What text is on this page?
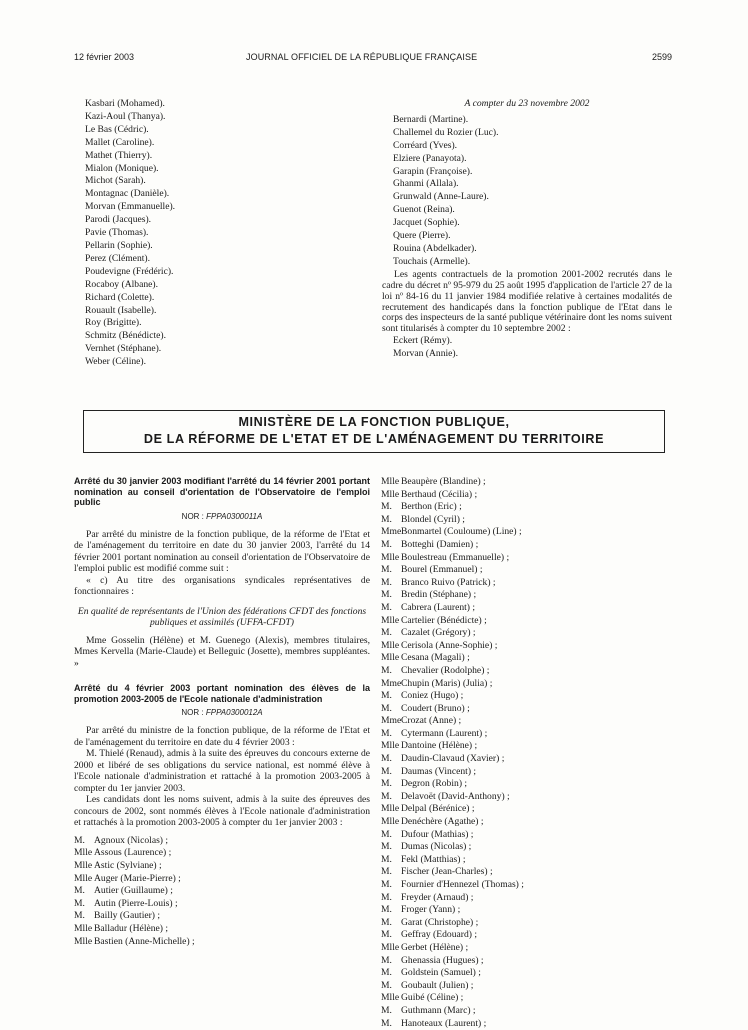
12 février 2003	JOURNAL OFFICIEL DE LA RÉPUBLIQUE FRANÇAISE	2599
Kasbari (Mohamed).
Kazi-Aoul (Thanya).
Le Bas (Cédric).
Mallet (Caroline).
Mathet (Thierry).
Mialon (Monique).
Michot (Sarah).
Montagnac (Danièle).
Morvan (Emmanuelle).
Parodi (Jacques).
Pavie (Thomas).
Pellarin (Sophie).
Perez (Clément).
Poudevigne (Frédéric).
Rocaboy (Albane).
Richard (Colette).
Rouault (Isabelle).
Roy (Brigitte).
Schmitz (Bénédicte).
Vernhet (Stéphane).
Weber (Céline).
A compter du 23 novembre 2002
Bernardi (Martine).
Challemel du Rozier (Luc).
Corréard (Yves).
Elziere (Panayota).
Garapin (Françoise).
Ghanmi (Allala).
Grunwald (Anne-Laure).
Guenot (Reina).
Jacquet (Sophie).
Quere (Pierre).
Rouina (Abdelkader).
Touchais (Armelle).

Les agents contractuels de la promotion 2001-2002 recrutés dans le cadre du décret nº 95-979 du 25 août 1995 d'application de l'article 27 de la loi nº 84-16 du 11 janvier 1984 modifiée relative à certaines modalités de recrutement des handicapés dans la fonction publique de l'Etat dans le corps des inspecteurs de la santé publique vétérinaire dont les noms suivent sont titularisés à compter du 10 septembre 2002 :

Eckert (Rémy).
Morvan (Annie).
MINISTÈRE DE LA FONCTION PUBLIQUE,
DE LA RÉFORME DE L'ETAT ET DE L'AMÉNAGEMENT DU TERRITOIRE

Arrêté du 30 janvier 2003 modifiant l'arrêté du 14 février 2001 portant nomination au conseil d'orientation de l'Observatoire de l'emploi public

NOR : FPPA0300011A

Par arrêté du ministre de la fonction publique, de la réforme de l'Etat et de l'aménagement du territoire en date du 30 janvier 2003, l'arrêté du 14 février 2001 portant nomination au conseil d'orientation de l'Observatoire de l'emploi public est modifié comme suit :

« c) Au titre des organisations syndicales représentatives de fonctionnaires :

En qualité de représentants de l'Union des fédérations CFDT des fonctions publiques et assimilés (UFFA-CFDT)

Mme Gosselin (Hélène) et M. Guenego (Alexis), membres titulaires, Mmes Kervella (Marie-Claude) et Belleguic (Josette), membres suppléantes. »

Arrêté du 4 février 2003 portant nomination des élèves de la promotion 2003-2005 de l'Ecole nationale d'administration

NOR : FPPA0300012A

Par arrêté du ministre de la fonction publique, de la réforme de l'Etat et de l'aménagement du territoire en date du 4 février 2003 :

M. Thielé (Renaud), admis à la suite des épreuves du concours externe de 2000 et libéré de ses obligations du service national, est nommé élève à l'Ecole nationale d'administration et rattaché à la promotion 2003-2005 à compter du 1er janvier 2003.

Les candidats dont les noms suivent, admis à la suite des épreuves des concours de 2002, sont nommés élèves à l'Ecole nationale d'administration et rattachés à la promotion 2003-2005 à compter du 1er janvier 2003 :

M. Agnoux (Nicolas) ;
Mlle Assous (Laurence) ;
Mlle Astic (Sylviane) ;
Mlle Auger (Marie-Pierre) ;
M. Autier (Guillaume) ;
M. Autin (Pierre-Louis) ;
M. Bailly (Gautier) ;
Mlle Balladur (Hélène) ;
Mlle Bastien (Anne-Michelle) ;
Mlle Beaupère (Blandine) ;
Mlle Berthaud (Cécilia) ;
M. Berthon (Eric) ;
M. Blondel (Cyril) ;
Mme Bonmartel (Couloume) (Line) ;
M. Botteghi (Damien) ;
Mlle Boulestreau (Emmanuelle) ;
M. Bourel (Emmanuel) ;
M. Branco Ruivo (Patrick) ;
M. Bredin (Stéphane) ;
M. Cabrera (Laurent) ;
Mlle Cartelier (Bénédicte) ;
M. Cazalet (Grégory) ;
Mlle Cerisola (Anne-Sophie) ;
Mlle Cesana (Magali) ;
M. Chevalier (Rodolphe) ;
Mme Chupin (Maris) (Julia) ;
M. Coniez (Hugo) ;
M. Coudert (Bruno) ;
Mme Crozat (Anne) ;
M. Cytermann (Laurent) ;
Mlle Dantoine (Hélène) ;
M. Daudin-Clavaud (Xavier) ;
M. Daumas (Vincent) ;
M. Degron (Robin) ;
M. Delavoët (David-Anthony) ;
Mlle Delpal (Bérénice) ;
Mlle Denéchère (Agathe) ;
M. Dufour (Mathias) ;
M. Dumas (Nicolas) ;
M. Fekl (Matthias) ;
M. Fischer (Jean-Charles) ;
M. Fournier d'Hennezel (Thomas) ;
M. Freyder (Arnaud) ;
M. Froger (Yann) ;
M. Garat (Christophe) ;
M. Geffray (Edouard) ;
Mlle Gerbet (Hélène) ;
M. Ghenassia (Hugues) ;
M. Goldstein (Samuel) ;
M. Goubault (Julien) ;
Mlle Guibé (Céline) ;
M. Guthmann (Marc) ;
M. Hanoteaux (Laurent) ;
